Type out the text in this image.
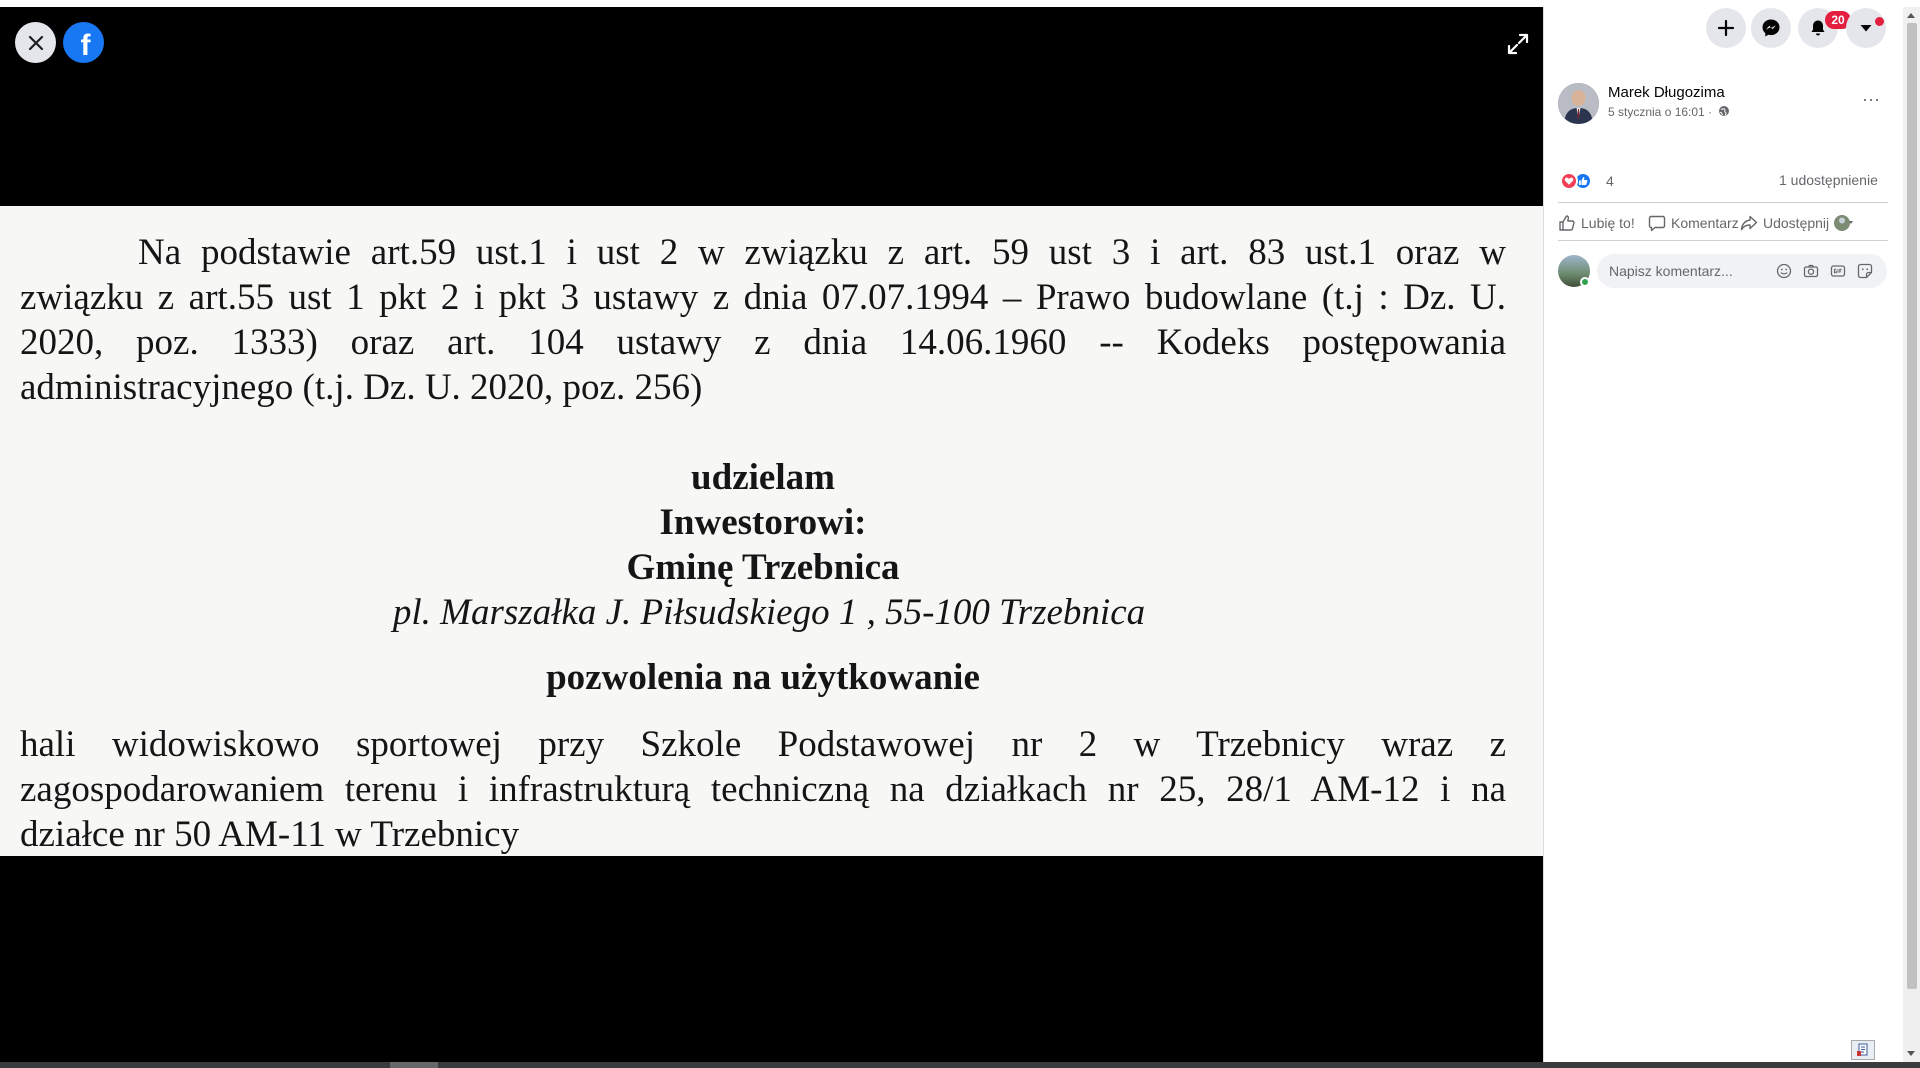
f
Na podstawie art.59 ust.1 i ust 2 w związku z art. 59 ust 3 i art. 83 ust.1 oraz w
związku z art.55 ust 1 pkt 2 i pkt 3 ustawy z dnia 07.07.1994 – Prawo budowlane (t.j : Dz. U.
2020, poz. 1333) oraz art. 104 ustawy z dnia 14.06.1960 -- Kodeks postępowania
administracyjnego (t.j. Dz. U. 2020, poz. 256)
udzielam
Inwestorowi:
Gminę Trzebnica
pl. Marszałka J. Piłsudskiego 1 , 55-100 Trzebnica
pozwolenia na użytkowanie
hali widowiskowo sportowej przy Szkole Podstawowej nr 2 w Trzebnicy wraz z
zagospodarowaniem terenu i infrastrukturą techniczną na działkach nr 25, 28/1 AM-12 i na
działce nr 50 AM-11 w Trzebnicy
20
Marek Długozima
5 stycznia o 16:01 ·
···
4	1 udostępnienie
Lubię to!	Komentarz Udostępnij
Napisz komentarz...
